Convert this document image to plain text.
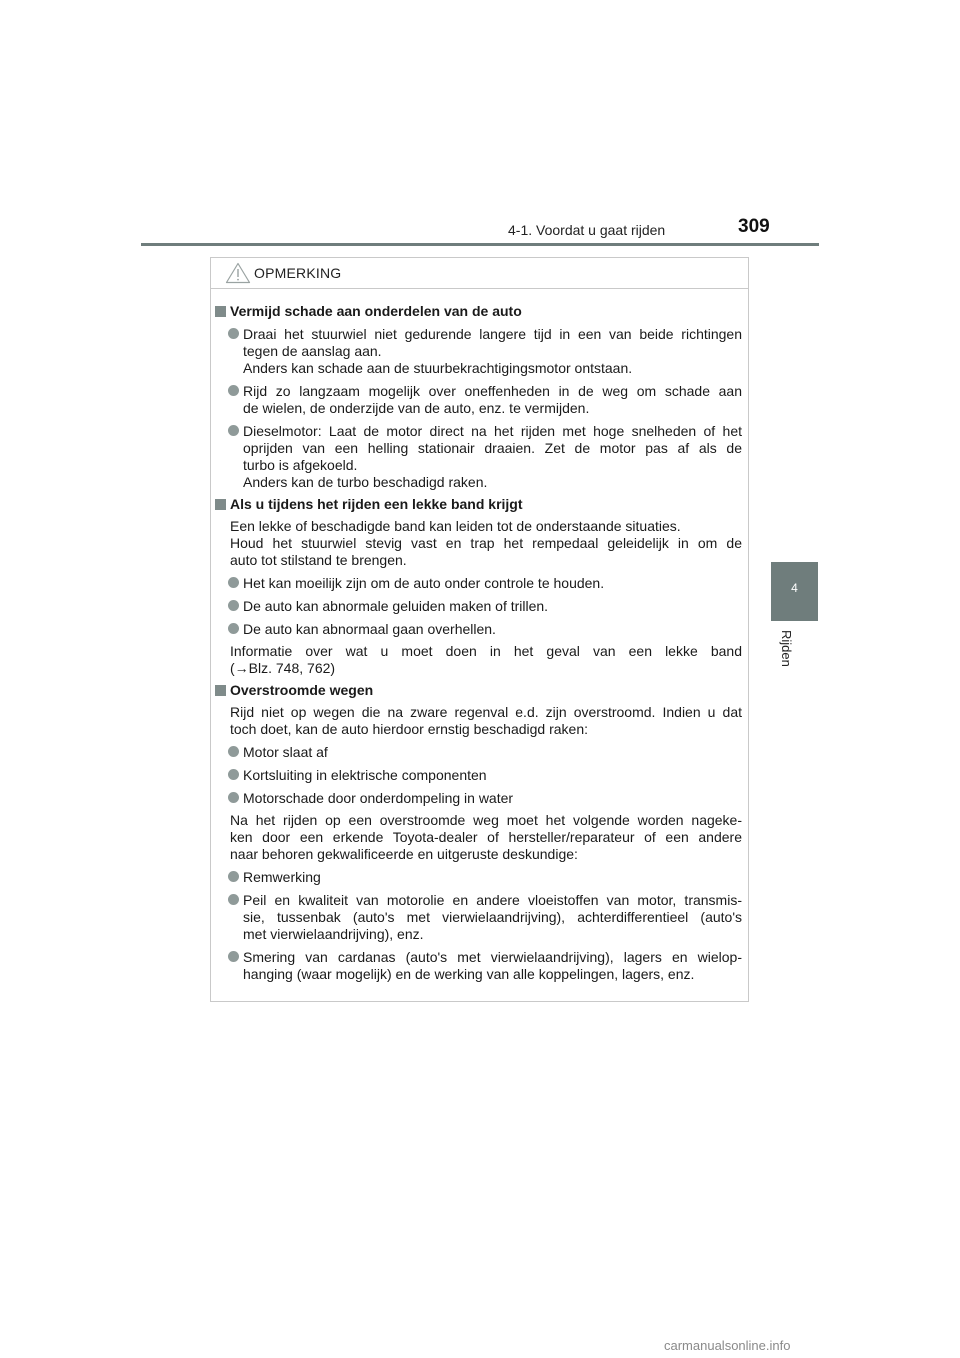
4-1. Voordat u gaat rijden	309
4
Rijden
OPMERKING
Vermijd schade aan onderdelen van de auto
Draai het stuurwiel niet gedurende langere tijd in een van beide richtingen
tegen de aanslag aan.
Anders kan schade aan de stuurbekrachtigingsmotor ontstaan.
Rijd zo langzaam mogelijk over oneffenheden in de weg om schade aan
de wielen, de onderzijde van de auto, enz. te vermijden.
Dieselmotor: Laat de motor direct na het rijden met hoge snelheden of het
oprijden van een helling stationair draaien. Zet de motor pas af als de
turbo is afgekoeld.
Anders kan de turbo beschadigd raken.
Als u tijdens het rijden een lekke band krijgt
Een lekke of beschadigde band kan leiden tot de onderstaande situaties.
Houd het stuurwiel stevig vast en trap het rempedaal geleidelijk in om de
auto tot stilstand te brengen.
Het kan moeilijk zijn om de auto onder controle te houden.
De auto kan abnormale geluiden maken of trillen.
De auto kan abnormaal gaan overhellen.
Informatie over wat u moet doen in het geval van een lekke band
(→Blz. 748, 762)
Overstroomde wegen
Rijd niet op wegen die na zware regenval e.d. zijn overstroomd. Indien u dat
toch doet, kan de auto hierdoor ernstig beschadigd raken:
Motor slaat af
Kortsluiting in elektrische componenten
Motorschade door onderdompeling in water
Na het rijden op een overstroomde weg moet het volgende worden nageke-
ken door een erkende Toyota-dealer of hersteller/reparateur of een andere
naar behoren gekwalificeerde en uitgeruste deskundige:
Remwerking
Peil en kwaliteit van motorolie en andere vloeistoffen van motor, transmis-
sie, tussenbak (auto's met vierwielaandrijving), achterdifferentieel (auto's
met vierwielaandrijving), enz.
Smering van cardanas (auto's met vierwielaandrijving), lagers en wielop-
hanging (waar mogelijk) en de werking van alle koppelingen, lagers, enz.
carmanualsonline.info
